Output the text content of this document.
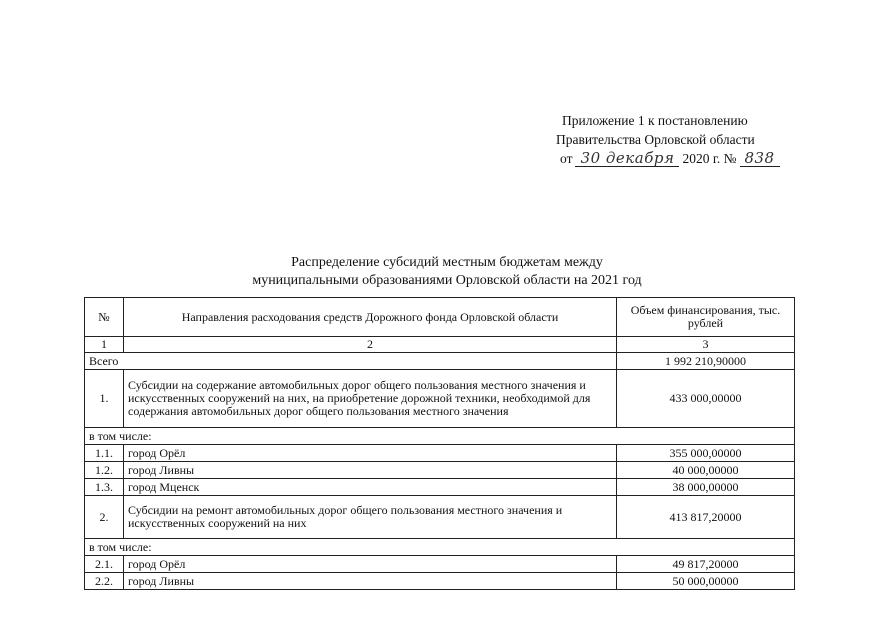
Приложение 1 к постановлению
Правительства Орловской области
от 30 декабря 2020 г. № 838
Распределение субсидий местным бюджетам между
муниципальными образованиями Орловской области на 2021 год
№	Направления расходования средств Дорожного фонда Орловской области	Объем финансирования, тыс. рублей
1	2	3
Всего		1 992 210,90000
1.	Субсидии на содержание автомобильных дорог общего пользования местного значения и искусственных сооружений на них, на приобретение дорожной техники, необходимой для содержания автомобильных дорог общего пользования местного значения	433 000,00000
в том числе:		
1.1.	город Орёл	355 000,00000
1.2.	город Ливны	40 000,00000
1.3.	город Мценск	38 000,00000
2.	Субсидии на ремонт автомобильных дорог общего пользования местного значения и искусственных сооружений на них	413 817,20000
в том числе:		
2.1.	город Орёл	49 817,20000
2.2.	город Ливны	50 000,00000
